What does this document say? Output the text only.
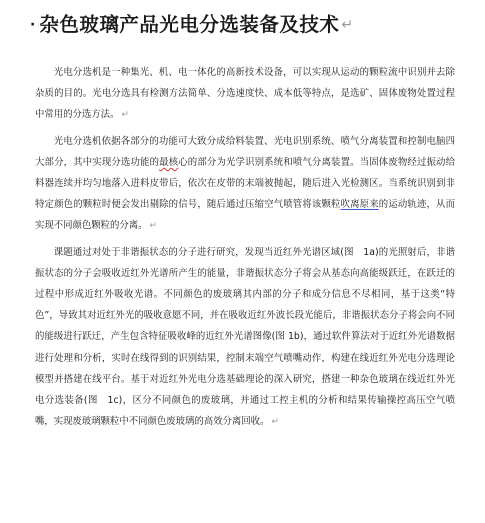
· 杂色玻璃产品光电分选装备及技术 ↵

光电分选机是一种集光、机、电一体化的高新技术设备，可以实现从运动的颗粒流中识别并去除杂质的目的。光电分选具有检测方法简单、分选速度快、成本低等特点，是选矿、固体废物处置过程中常用的分选方法。 ↵

光电分选机依据各部分的功能可大致分成给料装置、光电识别系统、喷气分离装置和控制电脑四大部分，其中实现分选功能的最核心的部分为光学识别系统和喷气分离装置。当固体废物经过振动给料器连续并均匀地落入进料皮带后，依次在皮带的末端被抛起，随后进入光检测区。当系统识别到非特定颜色的颗粒时便会发出剔除的信号，随后通过压缩空气喷管将该颗粒吹离原来的运动轨迹，从而实现不同颜色颗粒的分离。 ↵

课题通过对处于非谐振状态的分子进行研究，发现当近红外光谱区域(图　1a)的光照射后，非谐振状态的分子会吸收近红外光谱所产生的能量，非谐振状态分子将会从基态向高能级跃迁，在跃迁的过程中形成近红外吸收光谱。不同颜色的废玻璃其内部的分子和成分信息不尽相同，基于这类“特色”，导致其对近红外光的吸收意愿不同，并在吸收近红外波长段光能后，非谐振状态分子将会向不同的能级进行跃迁，产生包含特征吸收峰的近红外光谱图像(图 1b)，通过软件算法对于近红外光谱数据进行处理和分析，实时在线得到的识别结果，控制末端空气喷嘴动作，构建在线近红外光电分选理论模型并搭建在线平台。基于对近红外光电分选基础理论的深入研究，搭建一种杂色玻璃在线近红外光电分选装备(图　1c)，区分不同颜色的废玻璃，并通过工控主机的分析和结果传输操控高压空气喷嘴，实现废玻璃颗粒中不同颜色废玻璃的高效分离回收。 ↵
